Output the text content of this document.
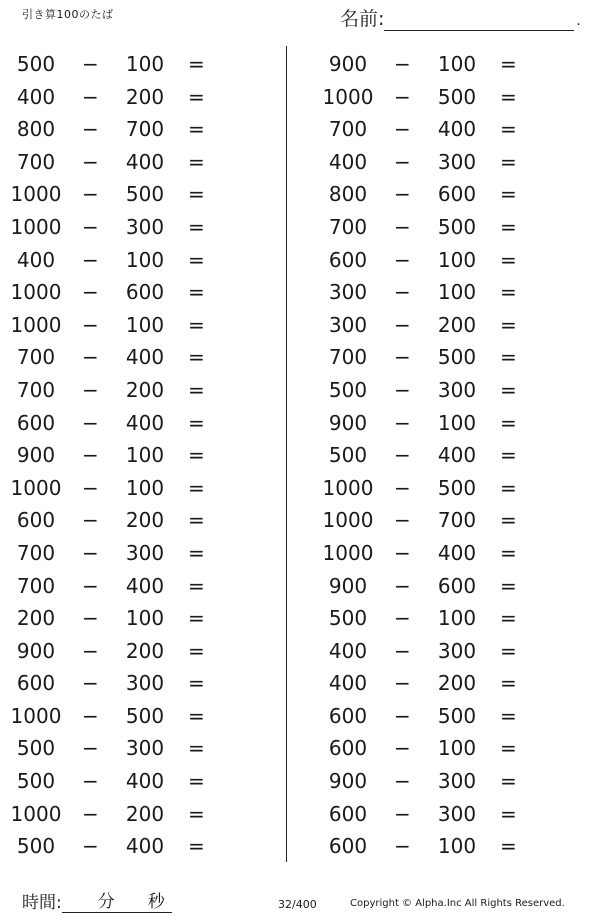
引き算100のたば	名前:	.
500	− 100 =
400	− 200 =
800	− 700 =
700	− 400 =
1000 − 500 =
1000 − 300 =
400	− 100 =
1000 − 600 =
1000 − 100 =
700	− 400 =
700	− 200 =
600	− 400 =
900	− 100 =
1000 − 100 =
600	− 200 =
700	− 300 =
700	− 400 =
200	− 100 =
900	− 200 =
600	− 300 =
1000 − 500 =
500	− 300 =
500	− 400 =
1000 − 200 =
500	− 400 =
900	− 100 =
1000 − 500 =
700	− 400 =
400	− 300 =
800	− 600 =
700	− 500 =
600	− 100 =
300	− 100 =
300	− 200 =
700	− 500 =
500	− 300 =
900	− 100 =
500	− 400 =
1000 − 500 =
1000 − 700 =
1000 − 400 =
900	− 600 =
500	− 100 =
400	− 300 =
400	− 200 =
600	− 500 =
600	− 100 =
900	− 300 =
600	− 300 =
600	− 100 =
時間: 分 秒	32/400	Copyright © Alpha.Inc All Rights Reserved.
